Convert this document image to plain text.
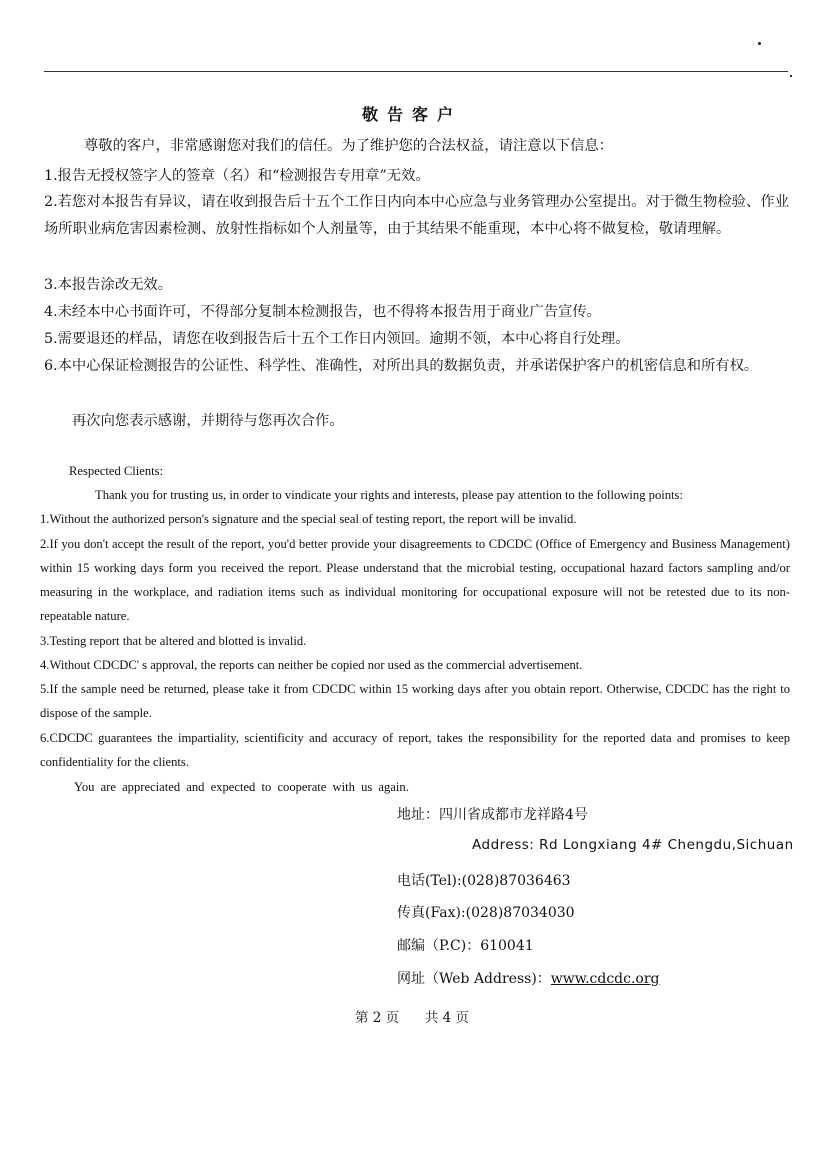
敬告客户
尊敬的客户，非常感谢您对我们的信任。为了维护您的合法权益，请注意以下信息：
1.报告无授权签字人的签章（名）和“检测报告专用章”无效。
2.若您对本报告有异议，请在收到报告后十五个工作日内向本中心应急与业务管理办公室提出。对于微生物检验、作业场所职业病危害因素检测、放射性指标如个人剂量等，由于其结果不能重现，本中心将不做复检，敬请理解。
3.本报告涂改无效。
4.未经本中心书面许可，不得部分复制本检测报告，也不得将本报告用于商业广告宣传。
5.需要退还的样品，请您在收到报告后十五个工作日内领回。逾期不领，本中心将自行处理。
6.本中心保证检测报告的公证性、科学性、准确性，对所出具的数据负责，并承诺保护客户的机密信息和所有权。
再次向您表示感谢，并期待与您再次合作。
Respected Clients:
Thank you for trusting us, in order to vindicate your rights and interests, please pay attention to the following points:
1.Without the authorized person's signature and the special seal of testing report, the report will be invalid.
2.If you don't accept the result of the report, you'd better provide your disagreements to CDCDC (Office of Emergency and Business Management) within 15 working days form you received the report. Please understand that the microbial testing, occupational hazard factors sampling and/or measuring in the workplace, and radiation items such as individual monitoring for occupational exposure will not be retested due to its non-repeatable nature.
3.Testing report that be altered and blotted is invalid.
4.Without CDCDC' s approval, the reports can neither be copied nor used as the commercial advertisement.
5.If the sample need be returned, please take it from CDCDC within 15 working days after you obtain report. Otherwise, CDCDC has the right to dispose of the sample.
6.CDCDC guarantees the impartiality, scientificity and accuracy of report, takes the responsibility for the reported data and promises to keep confidentiality for the clients.
You are appreciated and expected to cooperate with us again.
地址：四川省成都市龙祥路4号
Address: Rd Longxiang 4# Chengdu,Sichuan
电话(Tel):(028)87036463
传真(Fax):(028)87034030
邮编（P.C)：610041
网址（Web Address)：www.cdcdc.org
第 2 页      共 4 页
